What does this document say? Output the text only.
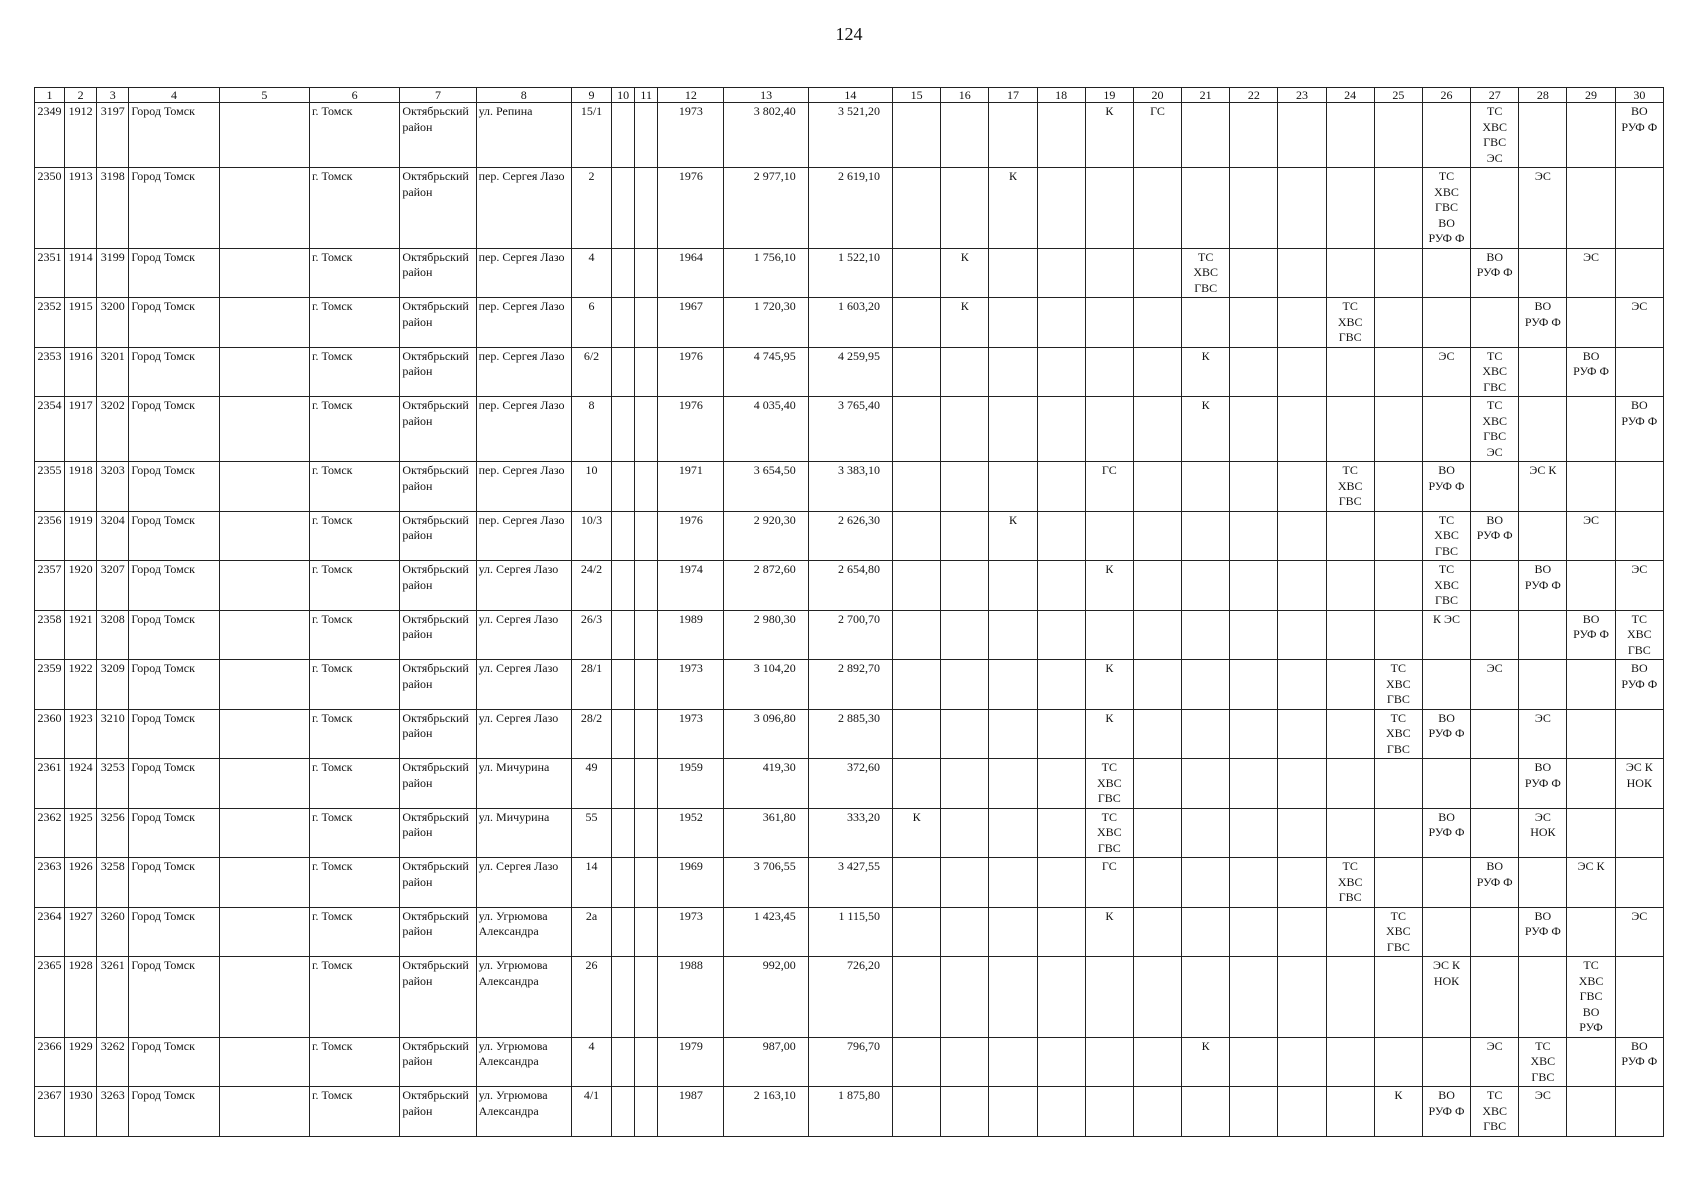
124
1	2	3	4	5	6	7	8	9	10	11	12	13	14	15	16	17	18	19	20	21	22	23	24	25	26	27	28	29	30
2349	1912	3197	Город Томск		г. Томск	Октябрьский район	ул. Репина	15/1			1973	3 802,40	3 521,20					К	ГС							ТС
ХВС
ГВС
ЭС			ВО
РУФ Ф
2350	1913	3198	Город Томск		г. Томск	Октябрьский район	пер. Сергея Лазо	2			1976	2 977,10	2 619,10			К									ТС
ХВС
ГВС
ВО
РУФ Ф		ЭС		
2351	1914	3199	Город Томск		г. Томск	Октябрьский район	пер. Сергея Лазо	4			1964	1 756,10	1 522,10		К					ТС
ХВС
ГВС						ВО
РУФ Ф		ЭС	
2352	1915	3200	Город Томск		г. Томск	Октябрьский район	пер. Сергея Лазо	6			1967	1 720,30	1 603,20		К								ТС
ХВС
ГВС				ВО
РУФ Ф		ЭС
2353	1916	3201	Город Томск		г. Томск	Октябрьский район	пер. Сергея Лазо	6/2			1976	4 745,95	4 259,95							К					ЭС	ТС
ХВС
ГВС		ВО
РУФ Ф	
2354	1917	3202	Город Томск		г. Томск	Октябрьский район	пер. Сергея Лазо	8			1976	4 035,40	3 765,40							К						ТС
ХВС
ГВС
ЭС			ВО
РУФ Ф
2355	1918	3203	Город Томск		г. Томск	Октябрьский район	пер. Сергея Лазо	10			1971	3 654,50	3 383,10					ГС					ТС
ХВС
ГВС		ВО
РУФ Ф		ЭС К		
2356	1919	3204	Город Томск		г. Томск	Октябрьский район	пер. Сергея Лазо	10/3			1976	2 920,30	2 626,30			К									ТС
ХВС
ГВС	ВО
РУФ Ф		ЭС	
2357	1920	3207	Город Томск		г. Томск	Октябрьский район	ул. Сергея Лазо	24/2			1974	2 872,60	2 654,80					К							ТС
ХВС
ГВС		ВО
РУФ Ф		ЭС
2358	1921	3208	Город Томск		г. Томск	Октябрьский район	ул. Сергея Лазо	26/3			1989	2 980,30	2 700,70												К ЭС			ВО
РУФ Ф	ТС
ХВС
ГВС
2359	1922	3209	Город Томск		г. Томск	Октябрьский район	ул. Сергея Лазо	28/1			1973	3 104,20	2 892,70					К						ТС
ХВС
ГВС		ЭС			ВО
РУФ Ф
2360	1923	3210	Город Томск		г. Томск	Октябрьский район	ул. Сергея Лазо	28/2			1973	3 096,80	2 885,30					К						ТС
ХВС
ГВС	ВО
РУФ Ф		ЭС		
2361	1924	3253	Город Томск		г. Томск	Октябрьский район	ул. Мичурина	49			1959	419,30	372,60					ТС
ХВС
ГВС									ВО
РУФ Ф		ЭС К
НОК
2362	1925	3256	Город Томск		г. Томск	Октябрьский район	ул. Мичурина	55			1952	361,80	333,20	К				ТС
ХВС
ГВС							ВО
РУФ Ф		ЭС
НОК		
2363	1926	3258	Город Томск		г. Томск	Октябрьский район	ул. Сергея Лазо	14			1969	3 706,55	3 427,55					ГС					ТС
ХВС
ГВС			ВО
РУФ Ф		ЭС К	
2364	1927	3260	Город Томск		г. Томск	Октябрьский район	ул. Угрюмова Александра	2а			1973	1 423,45	1 115,50					К						ТС
ХВС
ГВС			ВО
РУФ Ф		ЭС
2365	1928	3261	Город Томск		г. Томск	Октябрьский район	ул. Угрюмова Александра	26			1988	992,00	726,20												ЭС К
НОК			ТС
ХВС
ГВС
ВО
РУФ	
2366	1929	3262	Город Томск		г. Томск	Октябрьский район	ул. Угрюмова Александра	4			1979	987,00	796,70							К						ЭС	ТС
ХВС
ГВС		ВО
РУФ Ф
2367	1930	3263	Город Томск		г. Томск	Октябрьский район	ул. Угрюмова Александра	4/1			1987	2 163,10	1 875,80											К	ВО
РУФ Ф	ТС
ХВС
ГВС	ЭС		
